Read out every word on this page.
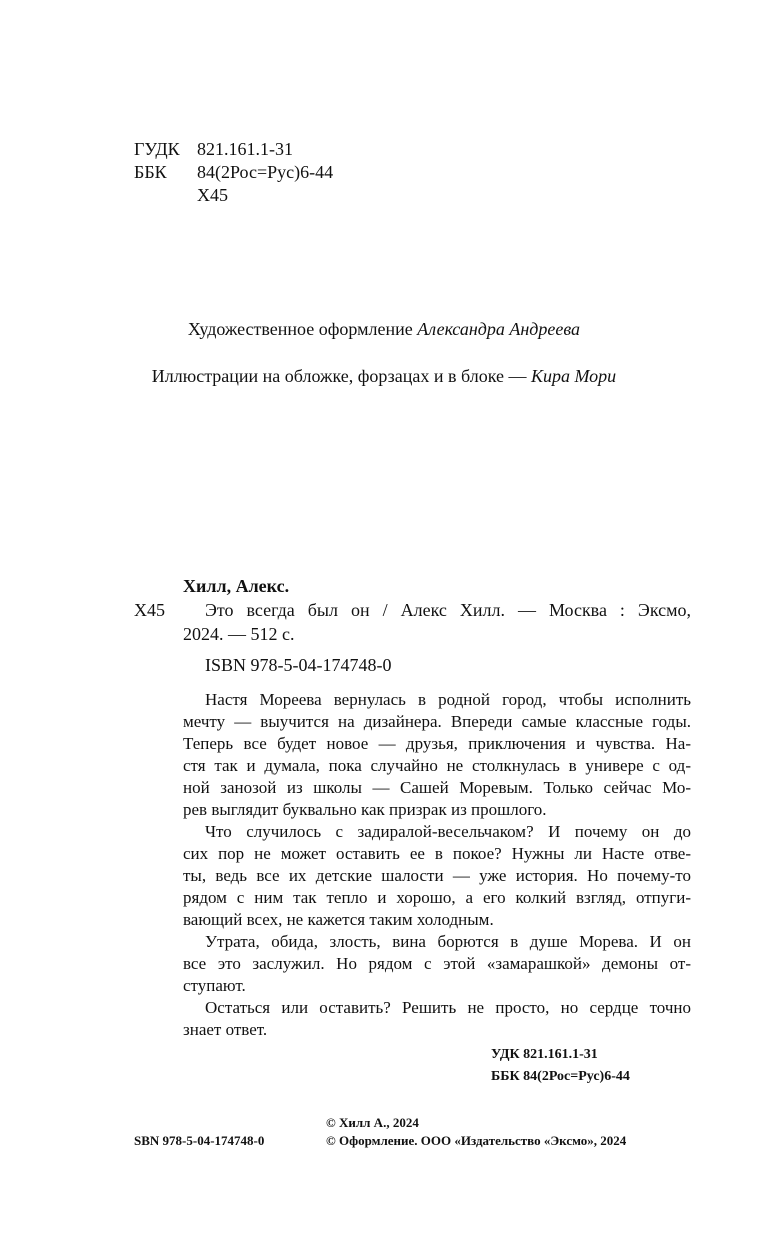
ГУДК 821.161.1-31
ББК 84(2Рос=Рус)6-44
Х45
Художественное оформление Александра Андреева
Иллюстрации на обложке, форзацах и в блоке — Кира Мори
Хилл, Алекс.
Х45 Это всегда был он / Алекс Хилл. — Москва : Эксмо,
2024. — 512 с.
ISBN 978-5-04-174748-0
Настя Мореева вернулась в родной город, чтобы исполнить
мечту — выучится на дизайнера. Впереди самые классные годы.
Теперь все будет новое — друзья, приключения и чувства. На-
стя так и думала, пока случайно не столкнулась в универе с од-
ной занозой из школы — Сашей Моревым. Только сейчас Мо-
рев выглядит буквально как призрак из прошлого.
Что случилось с задиралой-весельчаком? И почему он до
сих пор не может оставить ее в покое? Нужны ли Насте отве-
ты, ведь все их детские шалости — уже история. Но почему-то
рядом с ним так тепло и хорошо, а его колкий взгляд, отпуги-
вающий всех, не кажется таким холодным.
Утрата, обида, злость, вина борются в душе Морева. И он
все это заслужил. Но рядом с этой «замарашкой» демоны от-
ступают.
Остаться или оставить? Решить не просто, но сердце точно
знает ответ.
УДК 821.161.1-31
ББК 84(2Рос=Рус)6-44
© Хилл А., 2024
SBN 978-5-04-174748-0	© Оформление. ООО «Издательство «Эксмо», 2024
